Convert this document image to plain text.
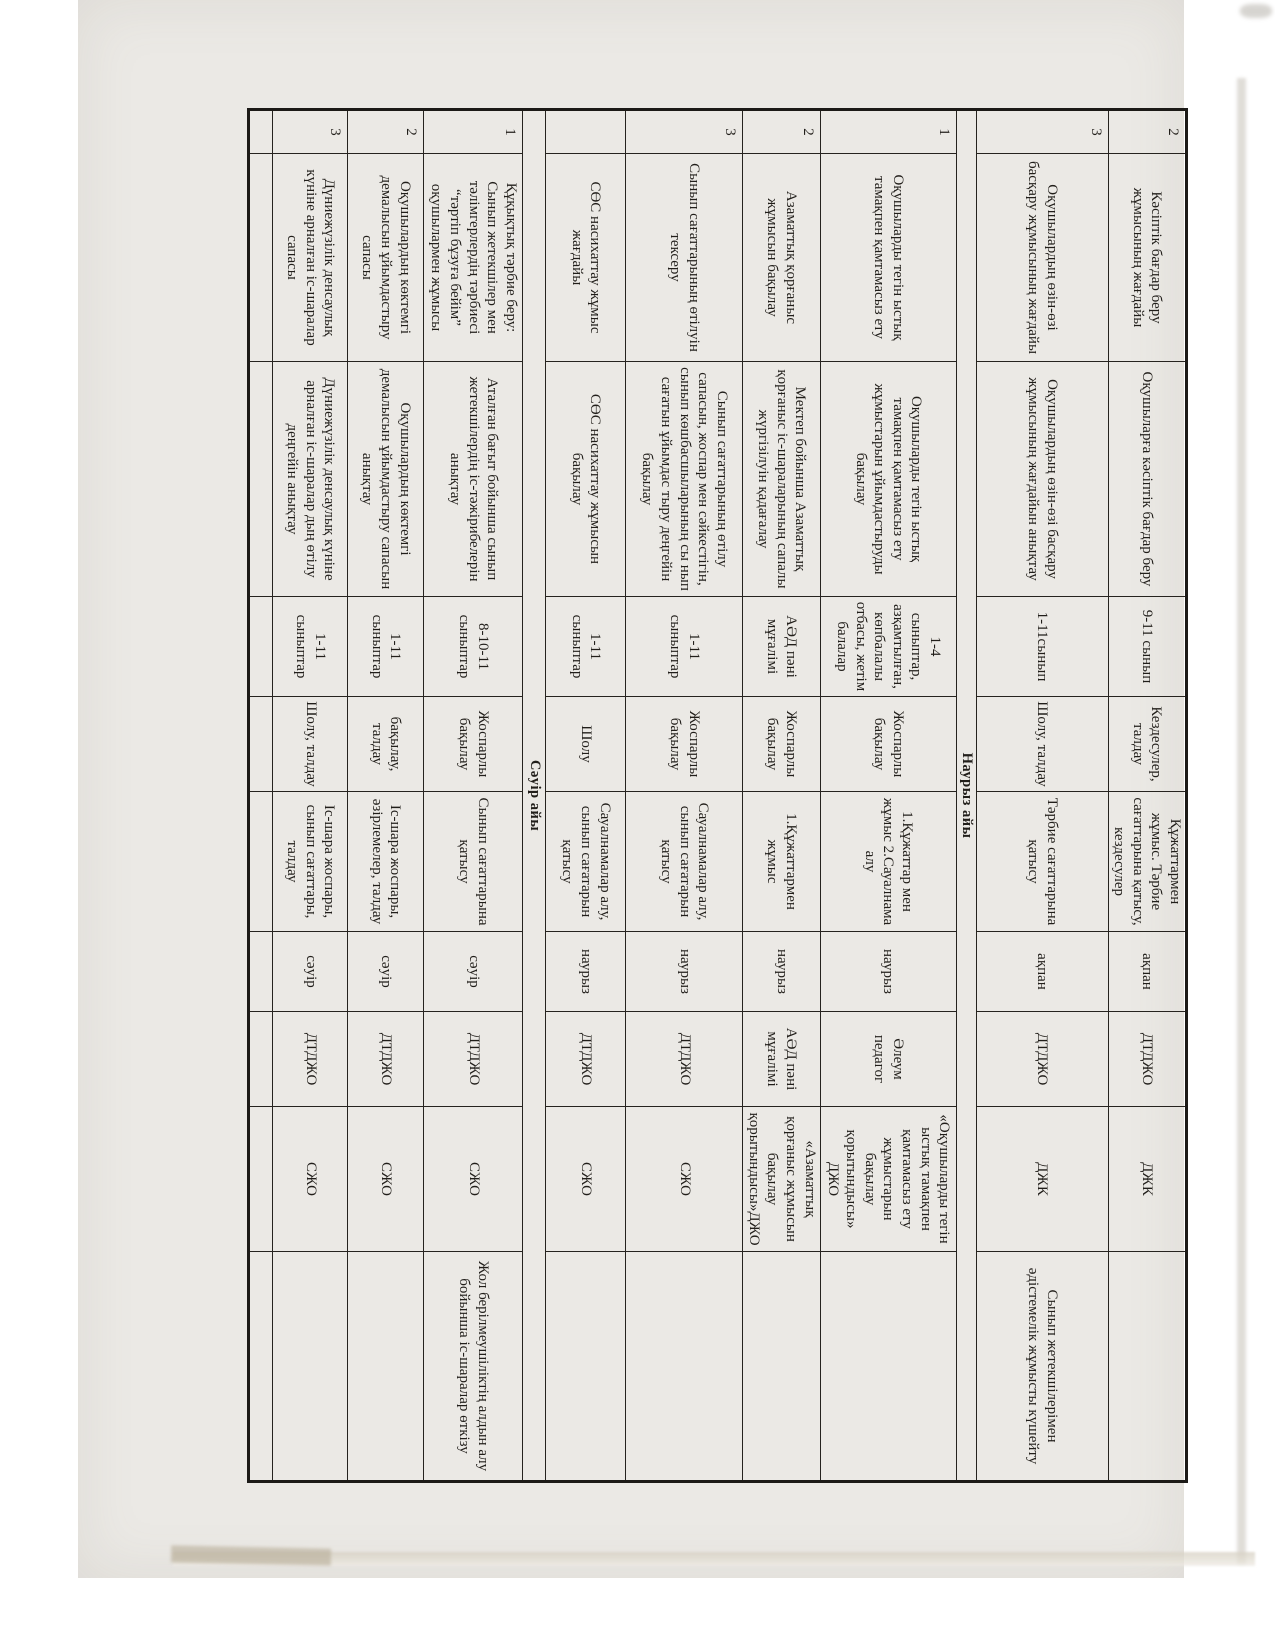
2	Кәсіптік бағдар беру жұмысының жағдайы	Оқушыларға кәсіптік бағдар беру	9-11 сынып	Кездесулер, талдау	Құжаттармен жұмыс. Тәрбие сағаттарына қатысу, кездесулер	ақпан	ДТДЖО	ДЖК	
3	Оқушылардың өзін-өзі басқару жұмысының жағдайы	Оқушылардың өзін-өзі басқару жұмысының жағдайын анықтау	1-11сынып	Шолу, талдау	Тәрбие сағаттарына қатысу	ақпан	ДТДЖО	ДЖК	Сынып жетекшілерімен әдістемелік жұмысты күшейту
Наурыз айы									
1	Оқушыларды тегін ыстық тамақпен қамтамасыз ету	Оқушыларды тегін ыстық тамақпен қамтамасыз ету жұмыстарын ұйымдастыруды бақылау	1-4 сыныптар, азқамтылған, көпбалалы отбасы, жетім балалар	Жоспарлы бақылау	1.Құжаттар мен жұмыс 2.Сауалнама алу	наурыз	Әлеум педагог	«Оқушыларды тегін ыстық тамақпен қамтамасыз ету жұмыстарын бақылау қорытындысы» ДЖО	
2	Азаматтық қорғаныс жұмысын бақылау	Мектеп бойынша Азаматтық қорғаныс іс-шараларының сапалы жүргізілуін қадағалау	АӘД пәні мұғалімі	Жоспарлы бақылау	1.Құжаттармен жұмыс	наурыз	АӘД пәні мұғалімі	«Азаматтық қорғаныс жұмысын бақылау қорытындысы»ДЖО	
3	Сынып сағаттарының өтілуін тексеру	Сынып сағаттарының өтілу сапасын, жоспар мен сәйкестігін, сынып көшбасшыларының сы нып сағатын ұйымдас тыру деңгейін бақылау	1-11 сыныптар	Жоспарлы бақылау	Сауалнамалар алу, сынып сағатарын қатысу	наурыз	ДТДЖО	СЖО	
	СӨС насихаттау жұмыс жағдайы	СӨС насихаттау жұмысын бақылау	1-11 сыныптар	Шолу	Сауалнамалар алу, сынып сағатарын қатысу	наурыз	ДТДЖО	СЖО	
Сәуір айы									
1	Құқықтық тәрбие беру: Сынып жетекшілер мен тәлімгерлердің тәрбиесі “тәртіп бұзуға бейім” оқушылармен жұмысы	Аталған бағыт бойынша сынып жетекшілердің іс-тәжірибелерін анықтау	8-10-11 сыныптар	Жоспарлы бақылау	Сынып сағаттарына қатысу	сәуір	ДТДЖО	СЖО	Жол берілмеушіліктің алдын алу бойынша іс-шаралар өткізу
2	Оқушылардың көктемгі демалысын ұйымдастыру сапасы	Оқушылардың көктемгі демалысын ұйымдастыру сапасын анықтау	1-11 сыныптар	бақылау, талдау	Іс-шара жоспары, әзірлемелер, талдау	сәуір	ДТДЖО	СЖО	
3	Дүниежүзілік денсаулық күніне арналған іс-шаралар сапасы	Дүниежүзілік денсаулық күніне арналған іс-шаралар дың өтілу деңгейін анықтау	1-11 сыныптар	Шолу, талдау	Іс-шара жоспары, сынып сағаттары, талдау	сәуір	ДТДЖО	СЖО	
